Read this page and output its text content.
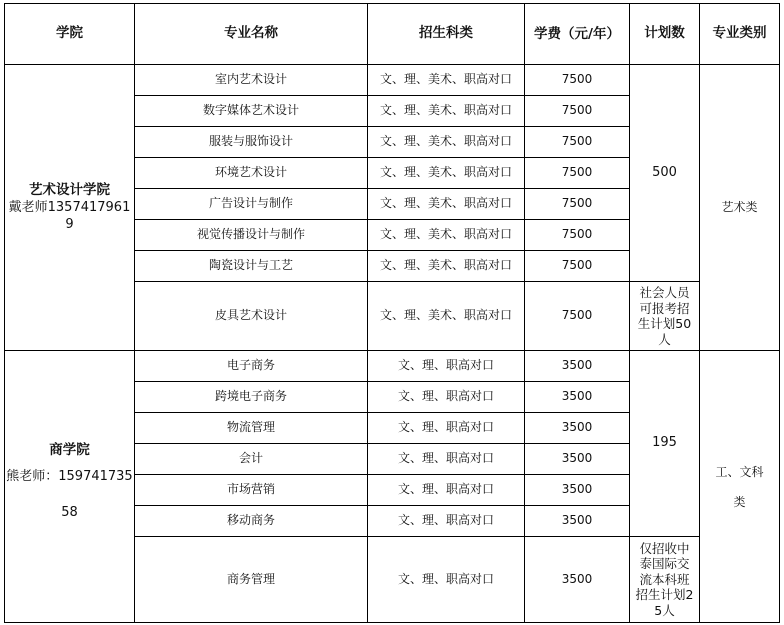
学院	专业名称	招生科类	学费（元/年）	计划数	专业类别

艺术设计学院
戴老师13574179619	室内艺术设计	文、理、美术、职高对口	7500	500	艺术类
	数字媒体艺术设计	文、理、美术、职高对口	7500		
	服装与服饰设计	文、理、美术、职高对口	7500		
	环境艺术设计	文、理、美术、职高对口	7500		
	广告设计与制作	文、理、美术、职高对口	7500		
	视觉传播设计与制作	文、理、美术、职高对口	7500		
	陶瓷设计与工艺	文、理、美术、职高对口	7500		
	皮具艺术设计	文、理、美术、职高对口	7500	社会人员可报考招生计划50人	

商学院
熊老师：15974173558	电子商务	文、理、职高对口	3500	195	工、文科类
	跨境电子商务	文、理、职高对口	3500		
	物流管理	文、理、职高对口	3500		
	会计	文、理、职高对口	3500		
	市场营销	文、理、职高对口	3500		
	移动商务	文、理、职高对口	3500		
	商务管理	文、理、职高对口	3500	仅招收中泰国际交流本科班招生计划25人	
